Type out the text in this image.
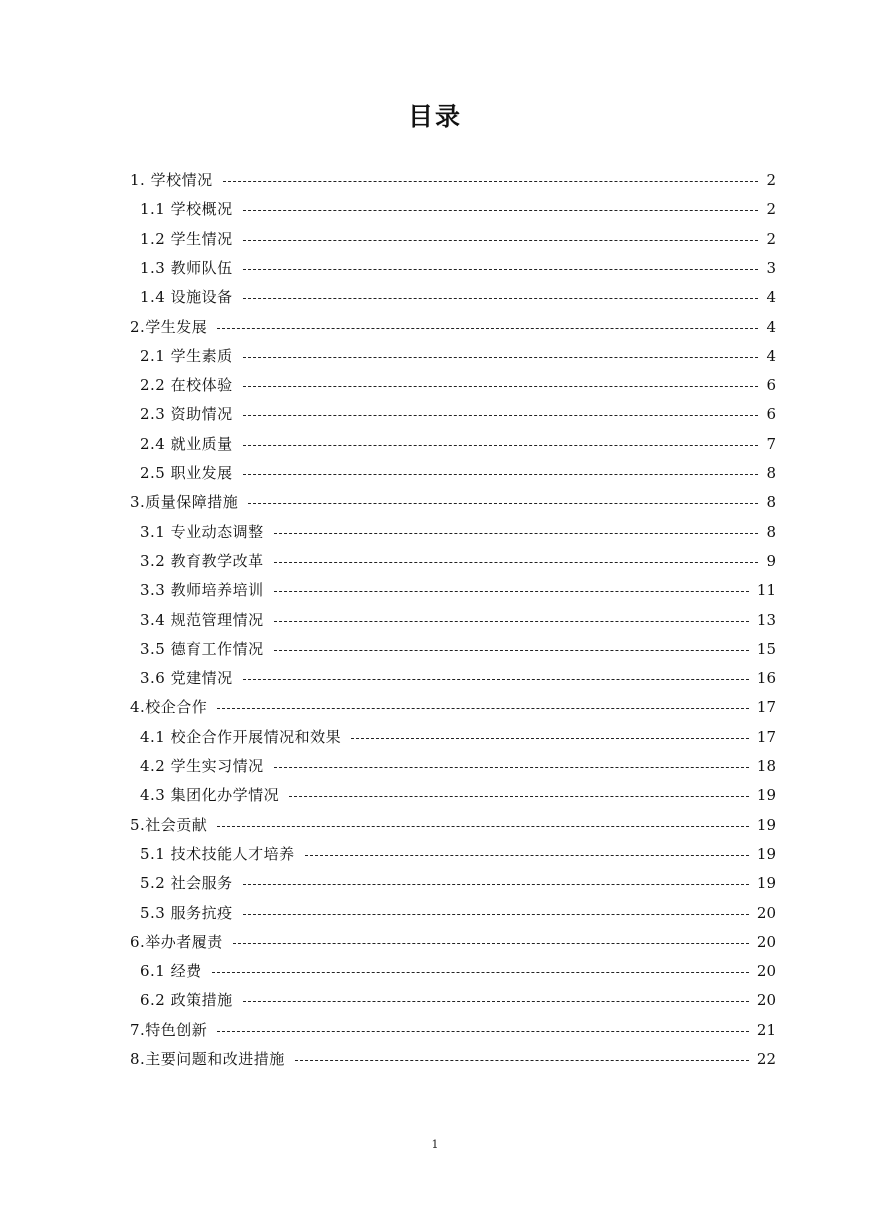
目录
1. 学校情况	2
1.1 学校概况	2
1.2 学生情况	2
1.3 教师队伍	3
1.4 设施设备	4
2.学生发展	4
2.1 学生素质	4
2.2 在校体验	6
2.3 资助情况	6
2.4 就业质量	7
2.5 职业发展	8
3.质量保障措施	8
3.1 专业动态调整	8
3.2 教育教学改革	9
3.3 教师培养培训	11
3.4 规范管理情况	13
3.5 德育工作情况	15
3.6 党建情况	16
4.校企合作	17
4.1 校企合作开展情况和效果	17
4.2 学生实习情况	18
4.3 集团化办学情况	19
5.社会贡献	19
5.1 技术技能人才培养	19
5.2 社会服务	19
5.3 服务抗疫	20
6.举办者履责	20
6.1 经费	20
6.2 政策措施	20
7.特色创新	21
8.主要问题和改进措施	22
1
